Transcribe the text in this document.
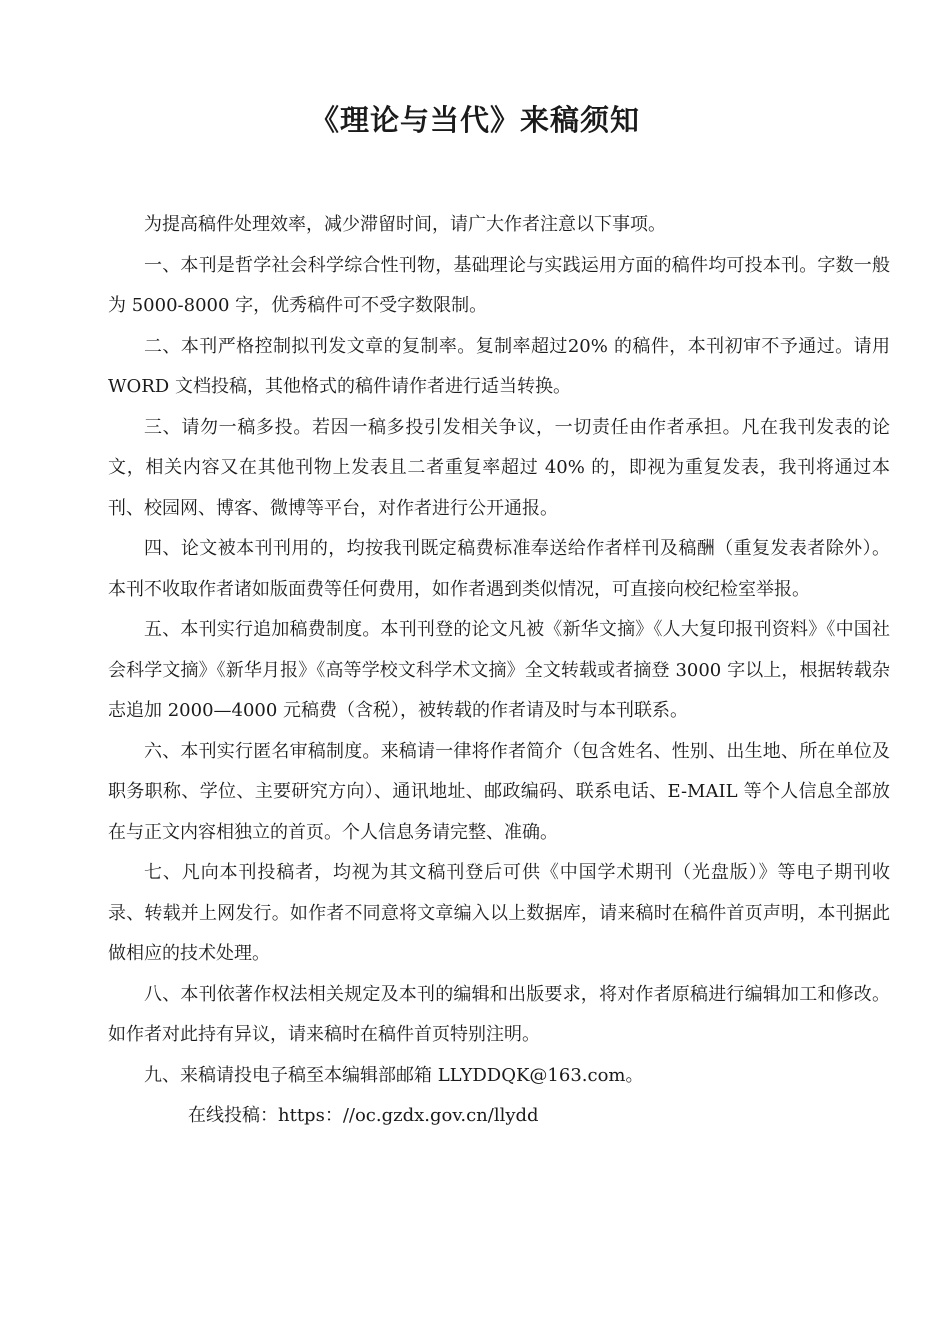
《理论与当代》来稿须知

为提高稿件处理效率，减少滞留时间，请广大作者注意以下事项。

一、本刊是哲学社会科学综合性刊物，基础理论与实践运用方面的稿件均可投本刊。字数一般为 5000-8000 字，优秀稿件可不受字数限制。

二、本刊严格控制拟刊发文章的复制率。复制率超过20% 的稿件，本刊初审不予通过。请用 WORD 文档投稿，其他格式的稿件请作者进行适当转换。

三、请勿一稿多投。若因一稿多投引发相关争议，一切责任由作者承担。凡在我刊发表的论文，相关内容又在其他刊物上发表且二者重复率超过 40% 的，即视为重复发表，我刊将通过本刊、校园网、博客、微博等平台，对作者进行公开通报。

四、论文被本刊刊用的，均按我刊既定稿费标准奉送给作者样刊及稿酬（重复发表者除外）。本刊不收取作者诸如版面费等任何费用，如作者遇到类似情况，可直接向校纪检室举报。

五、本刊实行追加稿费制度。本刊刊登的论文凡被《新华文摘》《人大复印报刊资料》《中国社会科学文摘》《新华月报》《高等学校文科学术文摘》全文转载或者摘登 3000 字以上，根据转载杂志追加 2000—4000 元稿费（含税），被转载的作者请及时与本刊联系。

六、本刊实行匿名审稿制度。来稿请一律将作者简介（包含姓名、性别、出生地、所在单位及职务职称、学位、主要研究方向）、通讯地址、邮政编码、联系电话、E-MAIL 等个人信息全部放在与正文内容相独立的首页。个人信息务请完整、准确。

七、凡向本刊投稿者，均视为其文稿刊登后可供《中国学术期刊（光盘版）》等电子期刊收录、转载并上网发行。如作者不同意将文章编入以上数据库，请来稿时在稿件首页声明，本刊据此做相应的技术处理。

八、本刊依著作权法相关规定及本刊的编辑和出版要求，将对作者原稿进行编辑加工和修改。如作者对此持有异议，请来稿时在稿件首页特别注明。

九、来稿请投电子稿至本编辑部邮箱 LLYDDQK@163.com。

在线投稿：https：//oc.gzdx.gov.cn/llydd
